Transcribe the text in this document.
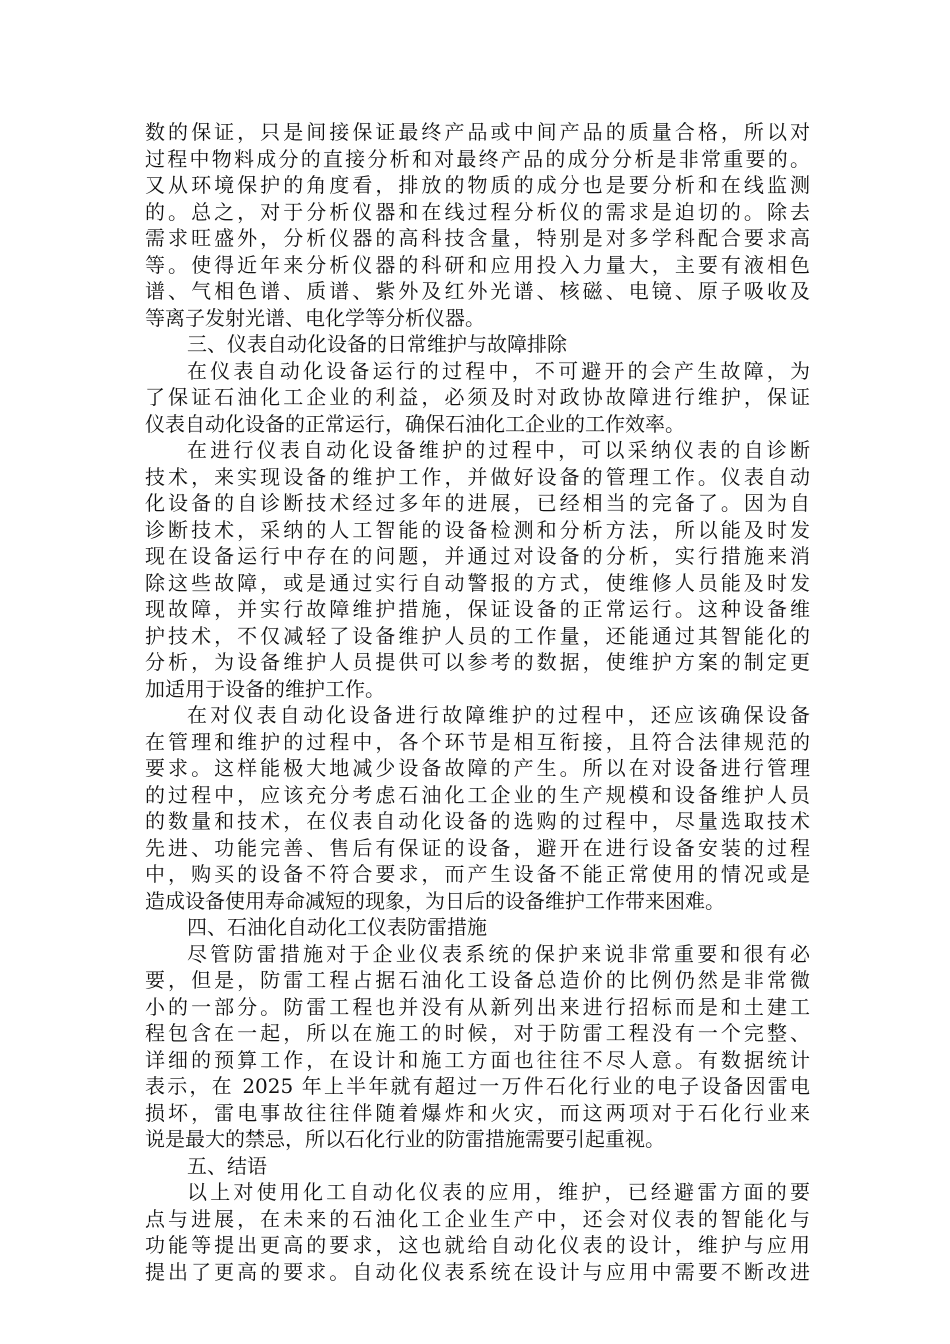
数的保证，只是间接保证最终产品或中间产品的质量合格，所以对
过程中物料成分的直接分析和对最终产品的成分分析是非常重要的。
又从环境保护的角度看，排放的物质的成分也是要分析和在线监测
的。总之，对于分析仪器和在线过程分析仪的需求是迫切的。除去
需求旺盛外，分析仪器的高科技含量，特别是对多学科配合要求高
等。使得近年来分析仪器的科研和应用投入力量大，主要有液相色
谱、气相色谱、质谱、紫外及红外光谱、核磁、电镜、原子吸收及
等离子发射光谱、电化学等分析仪器。
三、仪表自动化设备的日常维护与故障排除
在仪表自动化设备运行的过程中，不可避开的会产生故障，为
了保证石油化工企业的利益，必须及时对政协故障进行维护，保证
仪表自动化设备的正常运行，确保石油化工企业的工作效率。
在进行仪表自动化设备维护的过程中，可以采纳仪表的自诊断
技术，来实现设备的维护工作，并做好设备的管理工作。仪表自动
化设备的自诊断技术经过多年的进展，已经相当的完备了。因为自
诊断技术，采纳的人工智能的设备检测和分析方法，所以能及时发
现在设备运行中存在的问题，并通过对设备的分析，实行措施来消
除这些故障，或是通过实行自动警报的方式，使维修人员能及时发
现故障，并实行故障维护措施，保证设备的正常运行。这种设备维
护技术，不仅减轻了设备维护人员的工作量，还能通过其智能化的
分析，为设备维护人员提供可以参考的数据，使维护方案的制定更
加适用于设备的维护工作。
在对仪表自动化设备进行故障维护的过程中，还应该确保设备
在管理和维护的过程中，各个环节是相互衔接，且符合法律规范的
要求。这样能极大地减少设备故障的产生。所以在对设备进行管理
的过程中，应该充分考虑石油化工企业的生产规模和设备维护人员
的数量和技术，在仪表自动化设备的选购的过程中，尽量选取技术
先进、功能完善、售后有保证的设备，避开在进行设备安装的过程
中，购买的设备不符合要求，而产生设备不能正常使用的情况或是
造成设备使用寿命减短的现象，为日后的设备维护工作带来困难。
四、石油化自动化工仪表防雷措施
尽管防雷措施对于企业仪表系统的保护来说非常重要和很有必
要，但是，防雷工程占据石油化工设备总造价的比例仍然是非常微
小的一部分。防雷工程也并没有从新列出来进行招标而是和土建工
程包含在一起，所以在施工的时候，对于防雷工程没有一个完整、
详细的预算工作，在设计和施工方面也往往不尽人意。有数据统计
表示，在 2025 年上半年就有超过一万件石化行业的电子设备因雷电
损坏，雷电事故往往伴随着爆炸和火灾，而这两项对于石化行业来
说是最大的禁忌，所以石化行业的防雷措施需要引起重视。
五、结语
以上对使用化工自动化仪表的应用，维护，已经避雷方面的要
点与进展，在未来的石油化工企业生产中，还会对仪表的智能化与
功能等提出更高的要求，这也就给自动化仪表的设计，维护与应用
提出了更高的要求。自动化仪表系统在设计与应用中需要不断改进
